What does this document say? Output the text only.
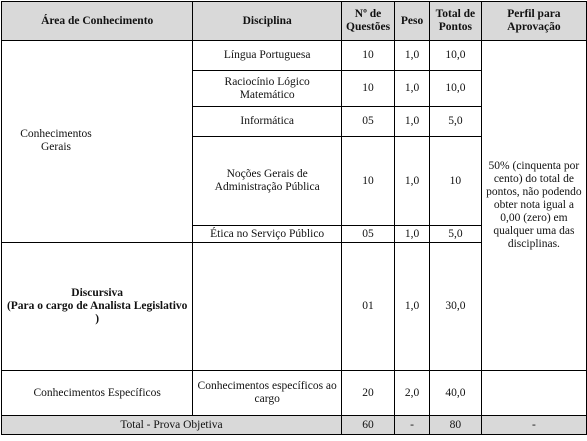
Área de Conhecimento	Disciplina	Nº de Questões	Peso	Total de Pontos	Perfil para Aprovação

Conhecimentos Gerais	Língua Portuguesa	10	1,0	10,0	50% (cinquenta por cento) do total de pontos, não podendo obter nota igual a 0,00 (zero) em qualquer uma das disciplinas.
	Raciocínio Lógico Matemático	10	1,0	10,0	
	Informática	05	1,0	5,0	
	Noções Gerais de Administração Pública	10	1,0	10	
	Ética no Serviço Público	05	1,0	5,0	

Discursiva
(Para o cargo de Analista Legislativo )		01	1,0	30,0	
Conhecimentos Específicos	Conhecimentos específicos ao cargo	20	2,0	40,0	
Total - Prova Objetiva		60	-	80	-
